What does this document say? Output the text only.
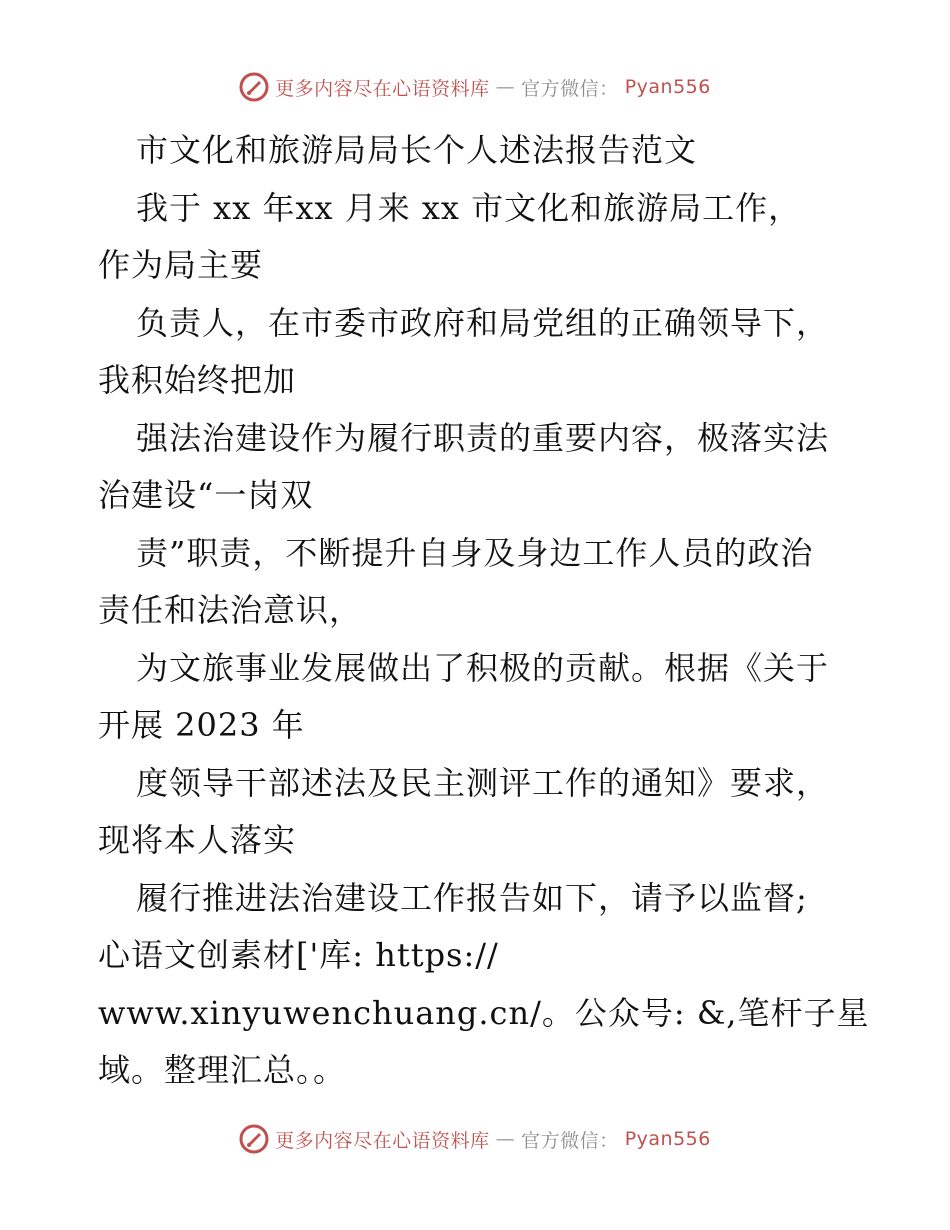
更多内容尽在心语资料库 — 官方微信： Pyan556
市文化和旅游局局长个人述法报告范文
我于 xx 年xx 月来 xx 市文化和旅游局工作，
作为局主要
负责人，在市委市政府和局党组的正确领导下，
我积始终把加
强法治建设作为履行职责的重要内容，极落实法
治建设“一岗双
责”职责，不断提升自身及身边工作人员的政治
责任和法治意识，
为文旅事业发展做出了积极的贡献。根据《关于
开展 2023 年
度领导干部述法及民主测评工作的通知》要求，
现将本人落实
履行推进法治建设工作报告如下，请予以监督;
心语文创素材['库: https://
www.xinyuwenchuang.cn/。公众号: &,笔杆子星
域。整理汇总。。
更多内容尽在心语资料库 — 官方微信： Pyan556
